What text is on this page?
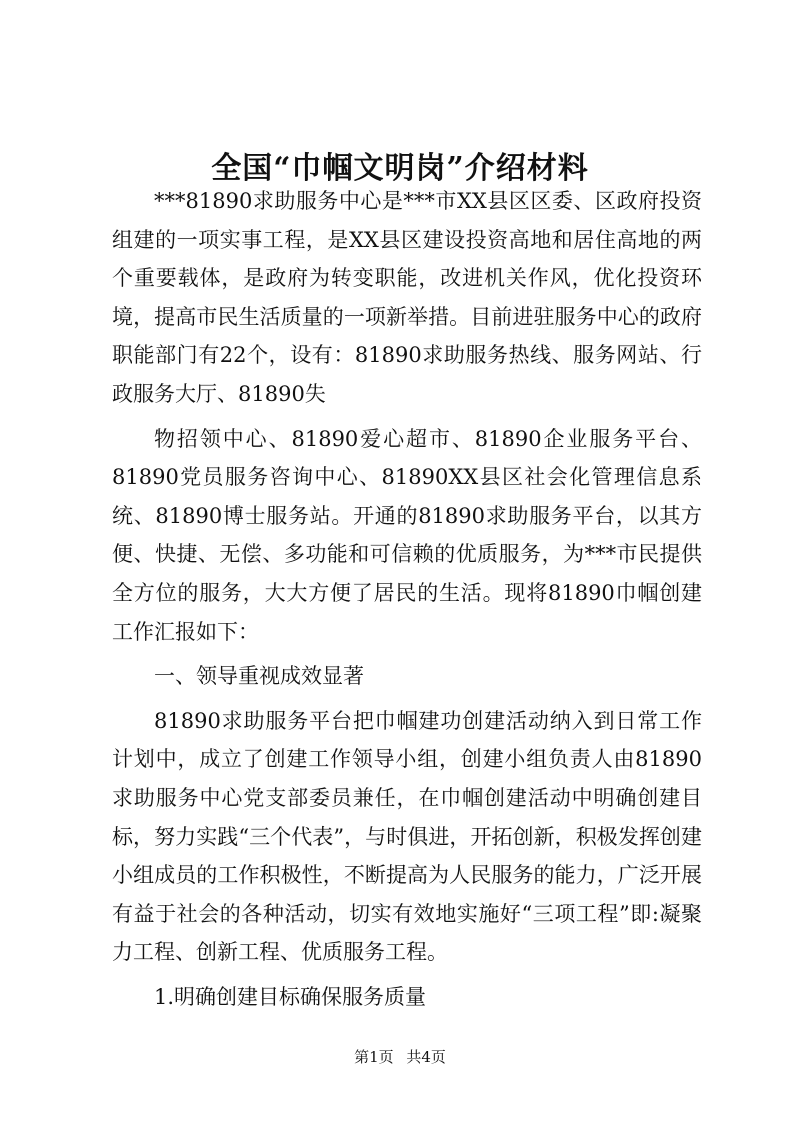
全国“巾帼文明岗”介绍材料

***81890求助服务中心是***市XX县区区委、区政府投资组建的一项实事工程，是XX县区建设投资高地和居住高地的两个重要载体，是政府为转变职能，改进机关作风，优化投资环境，提高市民生活质量的一项新举措。目前进驻服务中心的政府职能部门有22个，设有：81890求助服务热线、服务网站、行政服务大厅、81890失

物招领中心、81890爱心超市、81890企业服务平台、81890党员服务咨询中心、81890XX县区社会化管理信息系统、81890博士服务站。开通的81890求助服务平台，以其方便、快捷、无偿、多功能和可信赖的优质服务，为***市民提供全方位的服务，大大方便了居民的生活。现将81890巾帼创建工作汇报如下：

一、领导重视成效显著

81890求助服务平台把巾帼建功创建活动纳入到日常工作计划中，成立了创建工作领导小组，创建小组负责人由81890求助服务中心党支部委员兼任，在巾帼创建活动中明确创建目标，努力实践“三个代表”，与时俱进，开拓创新，积极发挥创建小组成员的工作积极性，不断提高为人民服务的能力，广泛开展有益于社会的各种活动，切实有效地实施好“三项工程”即:凝聚力工程、创新工程、优质服务工程。

1.明确创建目标确保服务质量

第1页 共4页
